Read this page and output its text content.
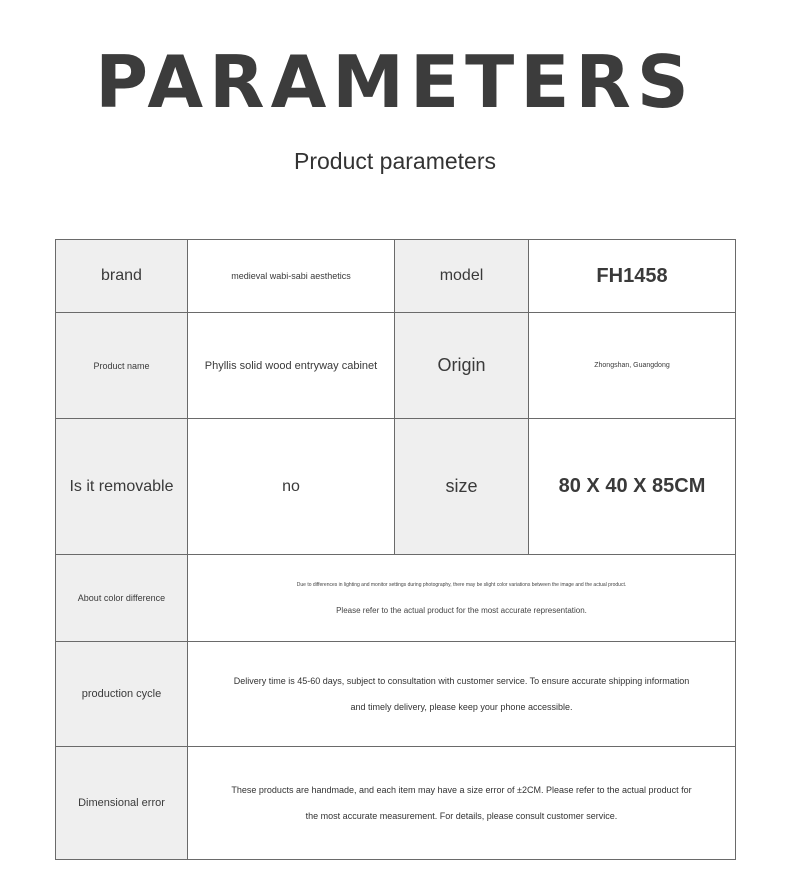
PARAMETERS
Product parameters
brand	medieval wabi-sabi aesthetics	model	FH1458
Product name	Phyllis solid wood entryway cabinet	Origin	Zhongshan, Guangdong
Is it removable	no	size	80 X 40 X 85CM
About color difference	Due to differences in lighting and monitor settings during photography, there may be slight color variations between the image and the actual product.
Please refer to the actual product for the most accurate representation.		

production cycle	Delivery time is 45-60 days, subject to consultation with customer service. To ensure accurate shipping information
and timely delivery, please keep your phone accessible.		

Dimensional error	These products are handmade, and each item may have a size error of ±2CM. Please refer to the actual product for
the most accurate measurement. For details, please consult customer service.		
